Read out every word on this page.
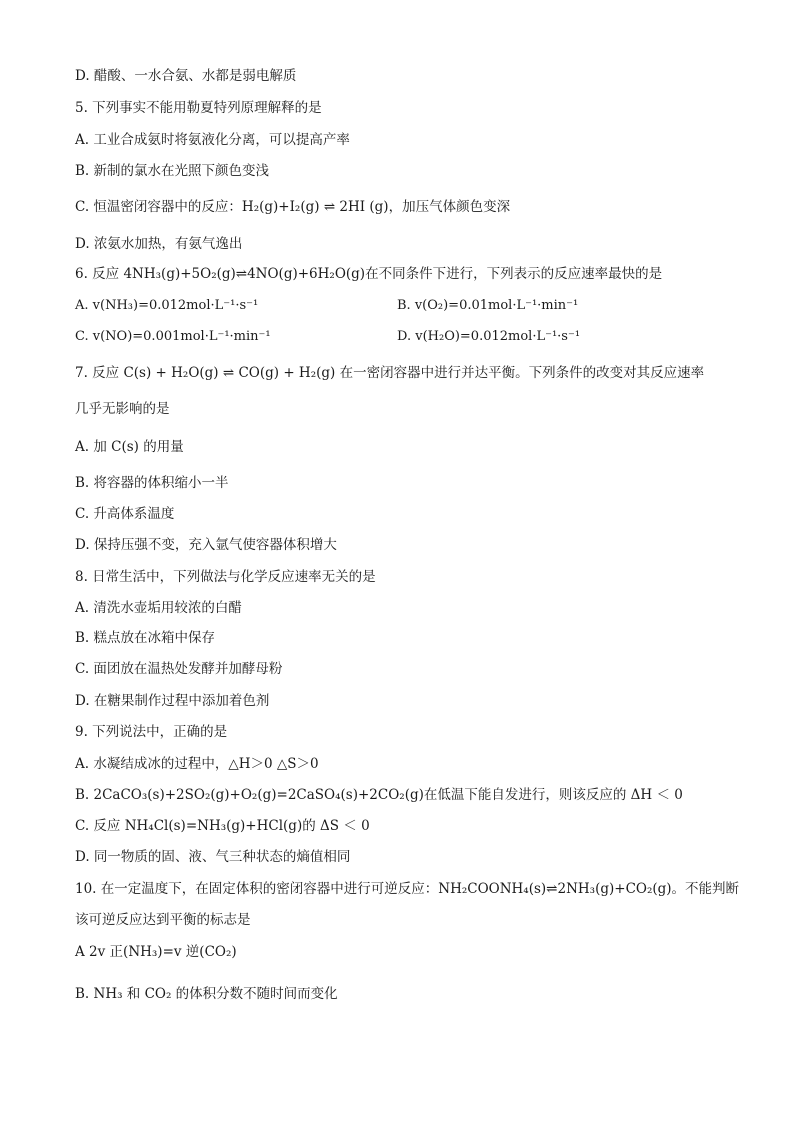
D. 醋酸、一水合氨、水都是弱电解质
5. 下列事实不能用勒夏特列原理解释的是
A. 工业合成氨时将氨液化分离，可以提高产率
B. 新制的氯水在光照下颜色变浅
C. 恒温密闭容器中的反应：H₂(g)+I₂(g) ⇌ 2HI (g)，加压气体颜色变深
D. 浓氨水加热，有氨气逸出
6. 反应 4NH₃(g)+5O₂(g)⇌4NO(g)+6H₂O(g)在不同条件下进行，下列表示的反应速率最快的是
A. v(NH₃)=0.012mol·L⁻¹·s⁻¹	B. v(O₂)=0.01mol·L⁻¹·min⁻¹
C. v(NO)=0.001mol·L⁻¹·min⁻¹	D. v(H₂O)=0.012mol·L⁻¹·s⁻¹
7. 反应 C(s) + H₂O(g) ⇌ CO(g) + H₂(g) 在一密闭容器中进行并达平衡。下列条件的改变对其反应速率
几乎无影响的是
A. 加 C(s) 的用量
B. 将容器的体积缩小一半
C. 升高体系温度
D. 保持压强不变，充入氩气使容器体积增大
8. 日常生活中，下列做法与化学反应速率无关的是
A. 清洗水壶垢用较浓的白醋
B. 糕点放在冰箱中保存
C. 面团放在温热处发酵并加酵母粉
D. 在糖果制作过程中添加着色剂
9. 下列说法中，正确的是
A. 水凝结成冰的过程中，△H＞0 △S＞0
B. 2CaCO₃(s)+2SO₂(g)+O₂(g)=2CaSO₄(s)+2CO₂(g)在低温下能自发进行，则该反应的 ΔH ＜ 0
C. 反应 NH₄Cl(s)=NH₃(g)+HCl(g)的 ΔS ＜ 0
D. 同一物质的固、液、气三种状态的熵值相同
10. 在一定温度下，在固定体积的密闭容器中进行可逆反应：NH₂COONH₄(s)⇌2NH₃(g)+CO₂(g)。不能判断
该可逆反应达到平衡的标志是
A 2v 正(NH₃)=v 逆(CO₂)
B. NH₃ 和 CO₂ 的体积分数不随时间而变化
